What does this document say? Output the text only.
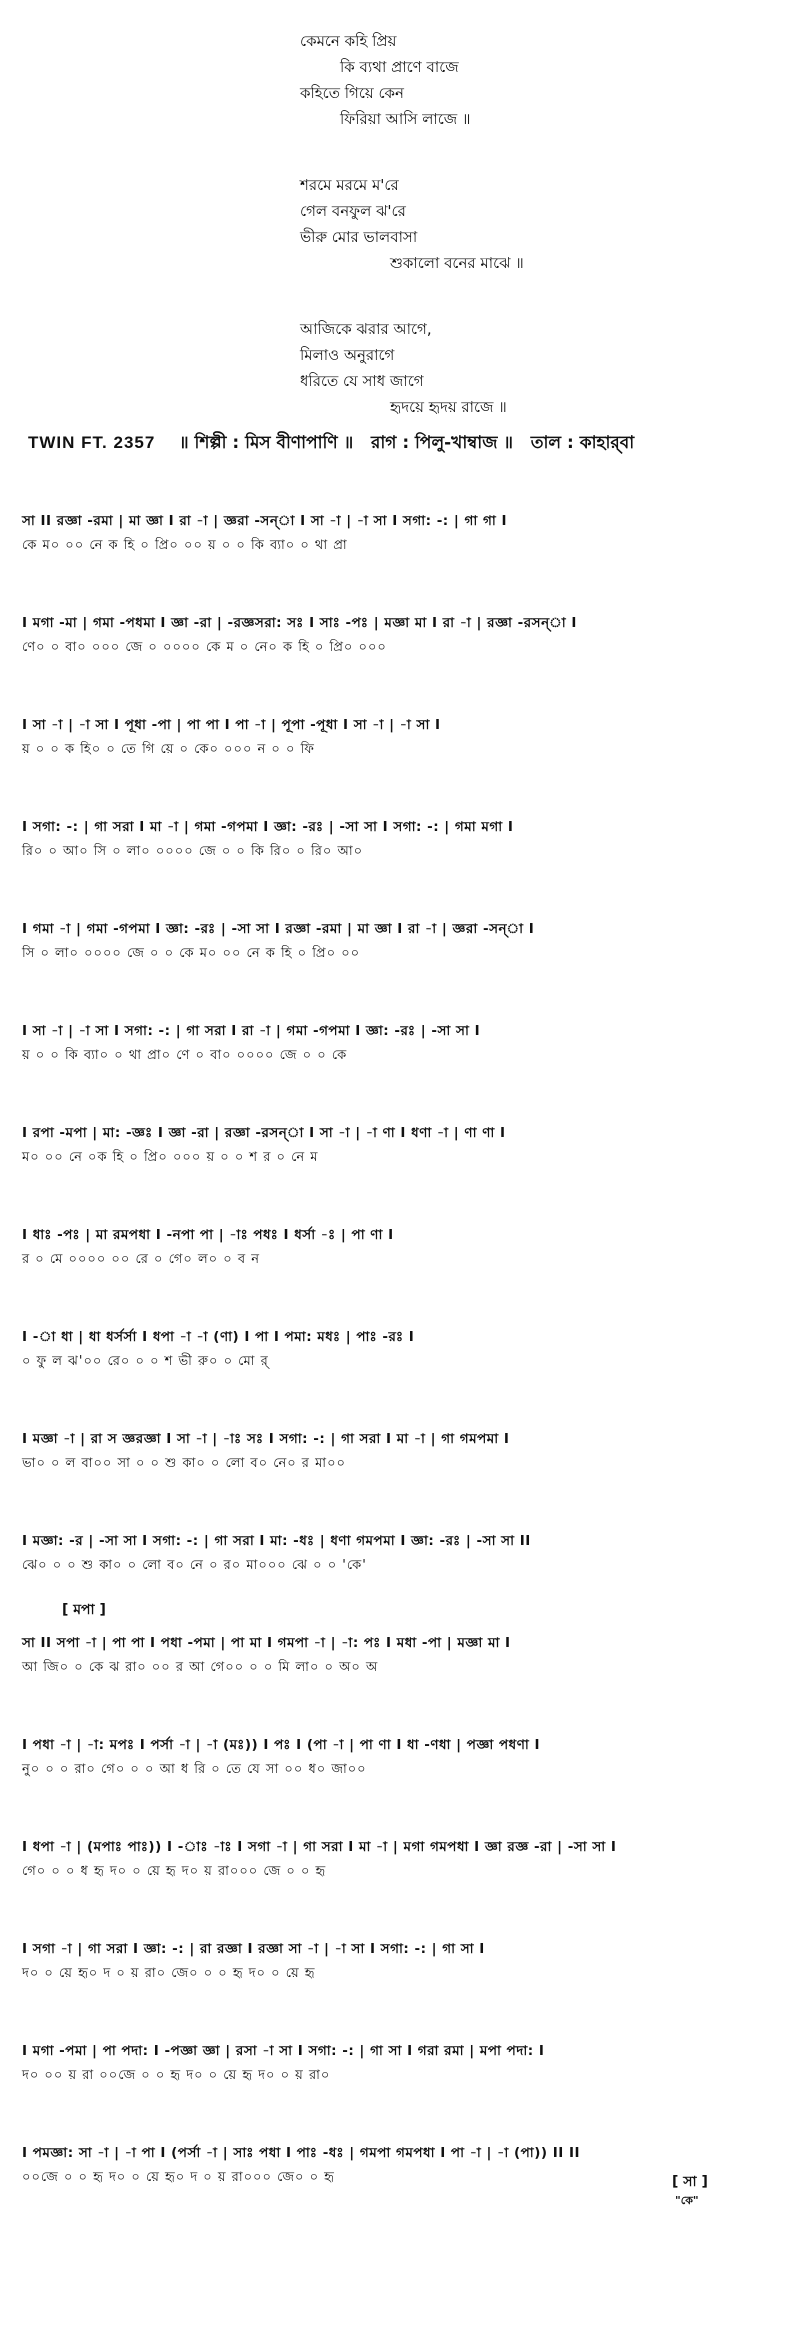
কেমনে কহি প্রিয়
কি ব্যথা প্রাণে বাজে
কহিতে গিয়ে কেন
ফিরিয়া আসি লাজে ॥
শরমে মরমে ম'রে
গেল বনফুল ঝ'রে
ভীরু মোর ভালবাসা
শুকালো বনের মাঝে ॥
আজিকে ঝরার আগে,
মিলাও অনুরাগে
ধরিতে যে সাধ জাগে
হৃদয়ে হৃদয় রাজে ॥
TWIN FT. 2357 ॥ শিল্পী : মিস বীণাপাণি ॥ রাগ : পিলু-খাম্বাজ ॥ তাল : কাহার্‌বা
[ মপা ]
[ সা ]
"কে"
সা II রজ্ঞা -রমা | মা জ্ঞা I রা -া | জ্ঞরা -সন্‌া I সা -া | -া সা I সগা: -: | গা গা I
কে ম০ ০০ নে ক হি ০ প্রি০ ০০ য় ০ ০ কি ব্যা০ ০ থা প্রা
I মগা -মা | গমা -পধমা I জ্ঞা -রা | -রজ্ঞসরা: সঃ I সাঃ -পঃ | মজ্ঞা মা I রা -া | রজ্ঞা -রসন্‌া I
ণে০ ০ বা০ ০০০ জে ০ ০০০০ কে ম ০ নে০ ক হি ০ প্রি০ ০০০
I সা -া | -া সা I পূধা -পা | পা পা I পা -া | পূপা -পূধা I সা -া | -া সা I
য় ০ ০ ক হি০ ০ তে গি য়ে ০ কে০ ০০০ ন ০ ০ ফি
I সগা: -: | গা সরা I মা -া | গমা -গপমা I জ্ঞা: -রঃ | -সা সা I সগা: -: | গমা মগা I
রি০ ০ আ০ সি ০ লা০ ০০০০ জে ০ ০ কি রি০ ০ রি০ আ০
I গমা -া | গমা -গপমা I জ্ঞা: -রঃ | -সা সা I রজ্ঞা -রমা | মা জ্ঞা I রা -া | জ্ঞরা -সন্‌া I
সি ০ লা০ ০০০০ জে ০ ০ কে ম০ ০০ নে ক হি ০ প্রি০ ০০
I সা -া | -া সা I সগা: -: | গা সরা I রা -া | গমা -গপমা I জ্ঞা: -রঃ | -সা সা I
য় ০ ০ কি ব্যা০ ০ থা প্রা০ ণে ০ বা০ ০০০০ জে ০ ০ কে
I রপা -মপা | মা: -জ্ঞঃ I জ্ঞা -রা | রজ্ঞা -রসন্‌া I সা -া | -া ণা I ধণা -া | ণা ণা I
ম০ ০০ নে ০ক হি ০ প্রি০ ০০০ য় ০ ০ শ র ০ নে ম
I ধাঃ -পঃ | মা রমপধা I -নপা পা | -াঃ পধঃ I ধর্সা -ঃ | পা ণা I
র ০ মে ০০০০ ০০ রে ০ গে০ ল০ ০ ব ন
I -া ধা | ধা ধর্সর্সা I ধপা -া -া (ণা) I পা I পমা: মধঃ | পাঃ -রঃ I
০ ফু ল ঝ'০০ রে০ ০ ০ শ ভী রু০ ০ মো র্‌
I মজ্ঞা -া | রা স জ্ঞরজ্ঞা I সা -া | -াঃ সঃ I সগা: -: | গা সরা I মা -া | গা গমপমা I
ভা০ ০ ল বা০০ সা ০ ০ শু কা০ ০ লো ব০ নে০ র মা০০
I মজ্ঞা: -র | -সা সা I সগা: -: | গা সরা I মা: -ধঃ | ধণা গমপমা I জ্ঞা: -রঃ | -সা সা II
ঝে০ ০ ০ শু কা০ ০ লো ব০ নে ০ র০ মা০০০ ঝে ০ ০ 'কে'
সা II সপা -া | পা পা I পধা -পমা | পা মা I গমপা -া | -া: পঃ I মধা -পা | মজ্ঞা মা I
আ জি০ ০ কে ঝ রা০ ০০ র আ গে০০ ০ ০ মি লা০ ০ অ০ অ
I পধা -া | -া: মপঃ I পর্সা -া | -া (মঃ)) I পঃ I (পা -া | পা ণা I ধা -ণধা | পজ্ঞা পধণা I
নু০ ০ ০ রা০ গে০ ০ ০ আ ধ রি ০ তে যে সা ০০ ধ০ জা০০
I ধপা -া | (মপাঃ পাঃ)) I -াঃ -াঃ I সগা -া | গা সরা I মা -া | মগা গমপধা I জ্ঞা রজ্ঞ -রা | -সা সা I
গে০ ০ ০ ধ হৃ দ০ ০ য়ে হৃ দ০ য় রা০০০ জে ০ ০ হৃ
I সগা -া | গা সরা I জ্ঞা: -: | রা রজ্ঞা I রজ্ঞা সা -া | -া সা I সগা: -: | গা সা I
দ০ ০ য়ে হৃ০ দ ০ য় রা০ জে০ ০ ০ হৃ দ০ ০ য়ে হৃ
I মগা -পমা | পা পদা: I -পজ্ঞা জ্ঞা | রসা -া সা I সগা: -: | গা সা I গরা রমা | মপা পদা: I
দ০ ০০ য় রা ০০জে ০ ০ হৃ দ০ ০ য়ে হৃ দ০ ০ য় রা০
I পমজ্ঞা: সা -া | -া পা I (পর্সা -া | সাঃ পধা I পাঃ -ধঃ | গমপা গমপধা I পা -া | -া (পা)) II II
০০জে ০ ০ হৃ দ০ ০ য়ে হৃ০ দ ০ য় রা০০০ জে০ ০ হৃ
